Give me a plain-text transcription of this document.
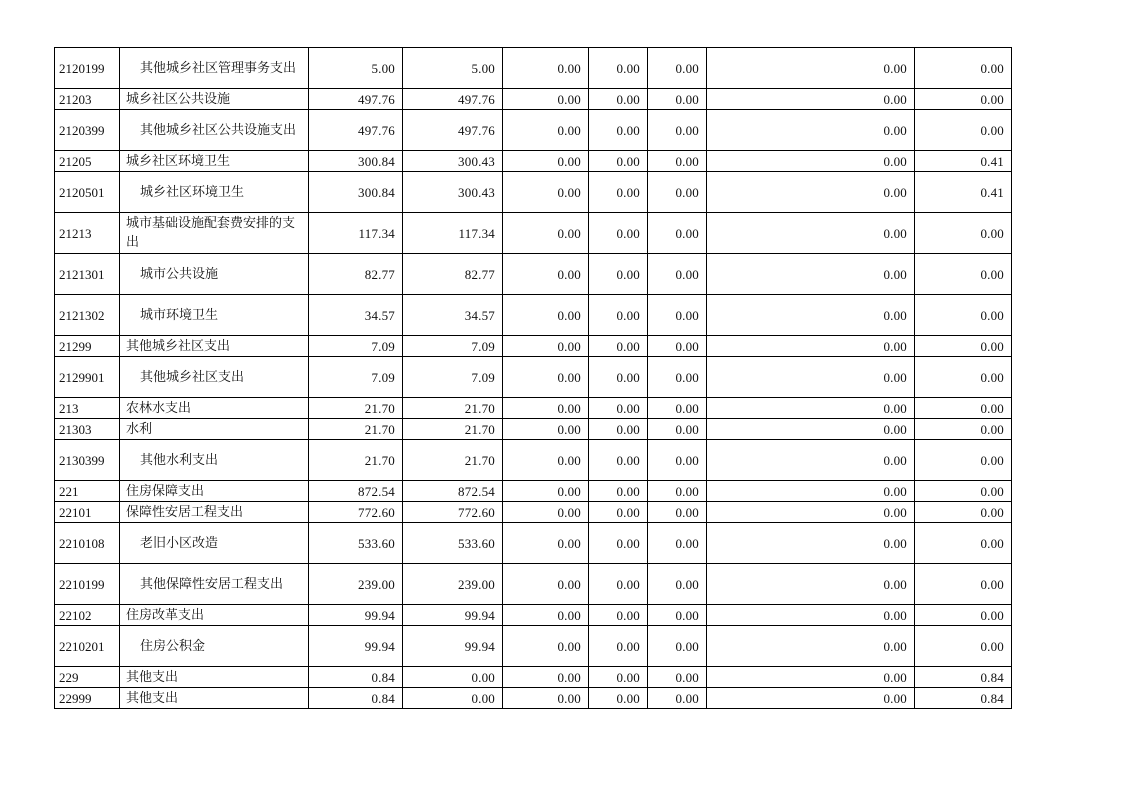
2120199	其他城乡社区管理事务支出	5.00	5.00	0.00	0.00	0.00	0.00	0.00
21203	城乡社区公共设施	497.76	497.76	0.00	0.00	0.00	0.00	0.00
2120399	其他城乡社区公共设施支出	497.76	497.76	0.00	0.00	0.00	0.00	0.00
21205	城乡社区环境卫生	300.84	300.43	0.00	0.00	0.00	0.00	0.41
2120501	城乡社区环境卫生	300.84	300.43	0.00	0.00	0.00	0.00	0.41
21213	城市基础设施配套费安排的支出	117.34	117.34	0.00	0.00	0.00	0.00	0.00
2121301	城市公共设施	82.77	82.77	0.00	0.00	0.00	0.00	0.00
2121302	城市环境卫生	34.57	34.57	0.00	0.00	0.00	0.00	0.00
21299	其他城乡社区支出	7.09	7.09	0.00	0.00	0.00	0.00	0.00
2129901	其他城乡社区支出	7.09	7.09	0.00	0.00	0.00	0.00	0.00
213	农林水支出	21.70	21.70	0.00	0.00	0.00	0.00	0.00
21303	水利	21.70	21.70	0.00	0.00	0.00	0.00	0.00
2130399	其他水利支出	21.70	21.70	0.00	0.00	0.00	0.00	0.00
221	住房保障支出	872.54	872.54	0.00	0.00	0.00	0.00	0.00
22101	保障性安居工程支出	772.60	772.60	0.00	0.00	0.00	0.00	0.00
2210108	老旧小区改造	533.60	533.60	0.00	0.00	0.00	0.00	0.00
2210199	其他保障性安居工程支出	239.00	239.00	0.00	0.00	0.00	0.00	0.00
22102	住房改革支出	99.94	99.94	0.00	0.00	0.00	0.00	0.00
2210201	住房公积金	99.94	99.94	0.00	0.00	0.00	0.00	0.00
229	其他支出	0.84	0.00	0.00	0.00	0.00	0.00	0.84
22999	其他支出	0.84	0.00	0.00	0.00	0.00	0.00	0.84
